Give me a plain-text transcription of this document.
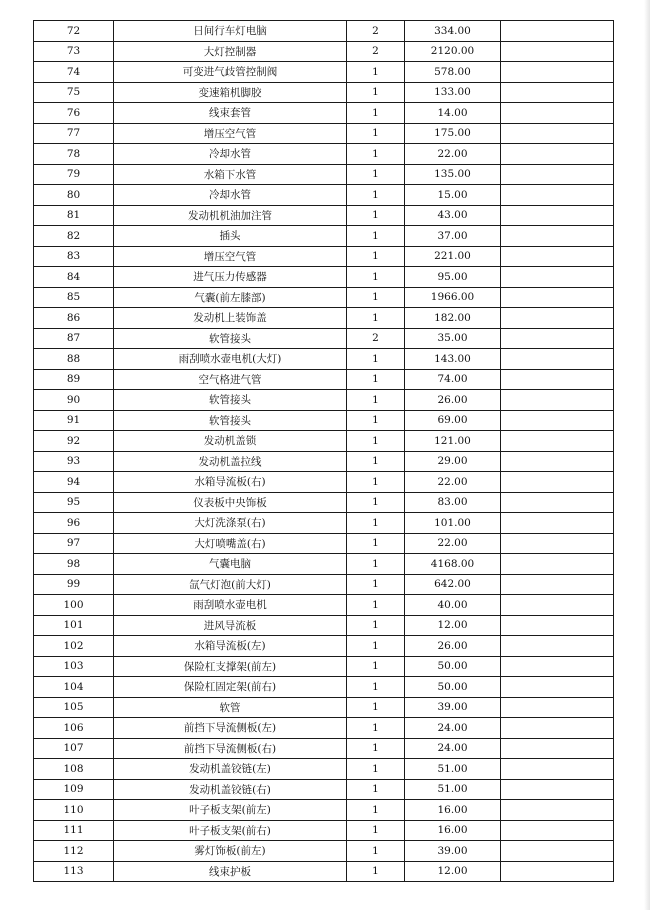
72	日间行车灯电脑	2	334.00	
73	大灯控制器	2	2120.00	
74	可变进气歧管控制阀	1	578.00	
75	变速箱机脚胶	1	133.00	
76	线束套管	1	14.00	
77	增压空气管	1	175.00	
78	冷却水管	1	22.00	
79	水箱下水管	1	135.00	
80	冷却水管	1	15.00	
81	发动机机油加注管	1	43.00	
82	插头	1	37.00	
83	增压空气管	1	221.00	
84	进气压力传感器	1	95.00	
85	气囊(前左膝部)	1	1966.00	
86	发动机上装饰盖	1	182.00	
87	软管接头	2	35.00	
88	雨刮喷水壶电机(大灯)	1	143.00	
89	空气格进气管	1	74.00	
90	软管接头	1	26.00	
91	软管接头	1	69.00	
92	发动机盖锁	1	121.00	
93	发动机盖拉线	1	29.00	
94	水箱导流板(右)	1	22.00	
95	仪表板中央饰板	1	83.00	
96	大灯洗涤泵(右)	1	101.00	
97	大灯喷嘴盖(右)	1	22.00	
98	气囊电脑	1	4168.00	
99	氙气灯泡(前大灯)	1	642.00	
100	雨刮喷水壶电机	1	40.00	
101	进风导流板	1	12.00	
102	水箱导流板(左)	1	26.00	
103	保险杠支撑架(前左)	1	50.00	
104	保险杠固定架(前右)	1	50.00	
105	软管	1	39.00	
106	前挡下导流侧板(左)	1	24.00	
107	前挡下导流侧板(右)	1	24.00	
108	发动机盖铰链(左)	1	51.00	
109	发动机盖铰链(右)	1	51.00	
110	叶子板支架(前左)	1	16.00	
111	叶子板支架(前右)	1	16.00	
112	雾灯饰板(前左)	1	39.00	
113	线束护板	1	12.00	
